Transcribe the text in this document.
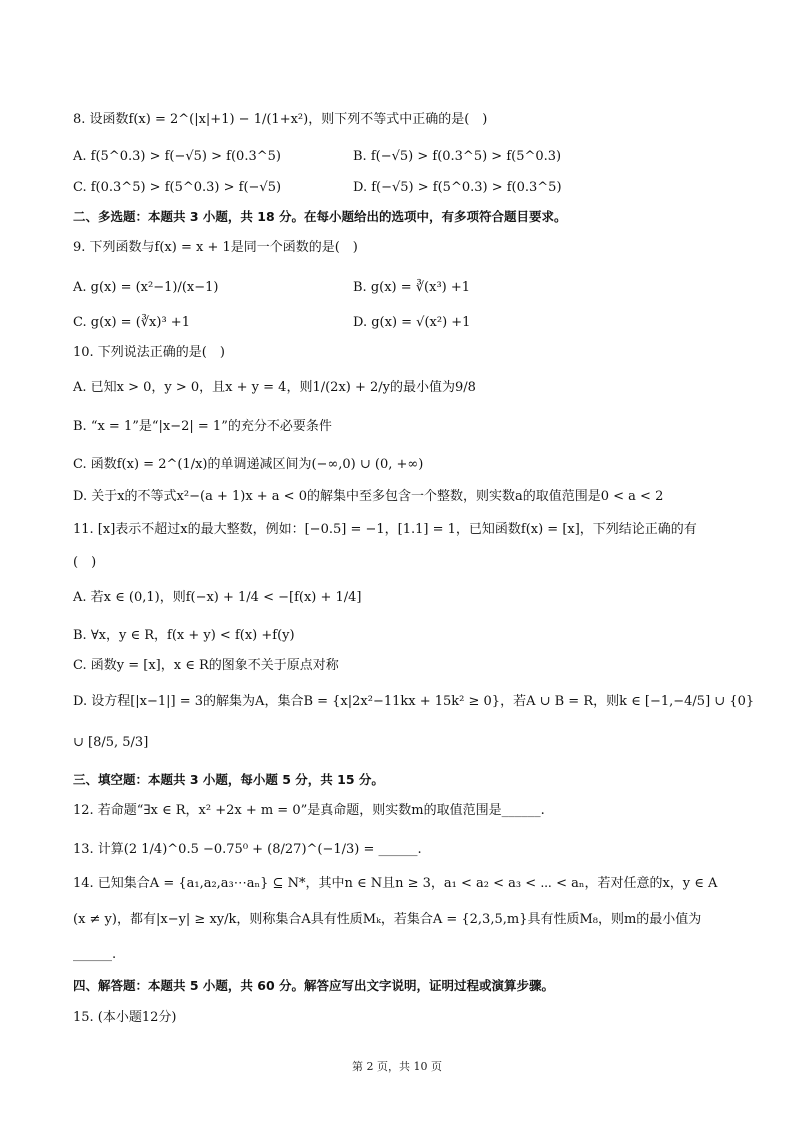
8. 设函数f(x) = 2^(|x|+1) − 1/(1+x²)，则下列不等式中正确的是(　)
A. f(5^0.3) > f(−√5) > f(0.3^5)	B. f(−√5) > f(0.3^5) > f(5^0.3)
C. f(0.3^5) > f(5^0.3) > f(−√5)	D. f(−√5) > f(5^0.3) > f(0.3^5)
二、多选题：本题共 3 小题，共 18 分。在每小题给出的选项中，有多项符合题目要求。
9. 下列函数与f(x) = x + 1是同一个函数的是(　)
A. g(x) = (x²−1)/(x−1)	B. g(x) = ∛(x³) +1
C. g(x) = (∛x)³ +1	D. g(x) = √(x²) +1
10. 下列说法正确的是(　)
A. 已知x > 0，y > 0，且x + y = 4，则1/(2x) + 2/y的最小值为9/8
B. “x = 1”是“|x−2| = 1”的充分不必要条件
C. 函数f(x) = 2^(1/x)的单调递减区间为(−∞,0) ∪ (0, +∞)
D. 关于x的不等式x²−(a + 1)x + a < 0的解集中至多包含一个整数，则实数a的取值范围是0 < a < 2
11. [x]表示不超过x的最大整数，例如：[−0.5] = −1，[1.1] = 1，已知函数f(x) = [x]，下列结论正确的有
(　)
A. 若x ∈ (0,1)，则f(−x) + 1/4 < −[f(x) + 1/4]
B. ∀x，y ∈ R，f(x + y) < f(x) +f(y)
C. 函数y = [x]，x ∈ R的图象不关于原点对称
D. 设方程[|x−1|] = 3的解集为A，集合B = {x|2x²−11kx + 15k² ≥ 0}，若A ∪ B = R，则k ∈ [−1,−4/5] ∪ {0}
∪ [8/5, 5/3]
三、填空题：本题共 3 小题，每小题 5 分，共 15 分。
12. 若命题“∃x ∈ R，x² +2x + m = 0”是真命题，则实数m的取值范围是______.
13. 计算(2 1/4)^0.5 −0.75⁰ + (8/27)^(−1/3) = ______.
14. 已知集合A = {a₁,a₂,a₃⋯aₙ} ⊆ N*，其中n ∈ N且n ≥ 3，a₁ < a₂ < a₃ < ⋯ < aₙ，若对任意的x，y ∈ A
(x ≠ y)，都有|x−y| ≥ xy/k，则称集合A具有性质Mₖ，若集合A = {2,3,5,m}具有性质M₈，则m的最小值为
______.
四、解答题：本题共 5 小题，共 60 分。解答应写出文字说明，证明过程或演算步骤。
15. (本小题12分)
第 2 页，共 10 页
